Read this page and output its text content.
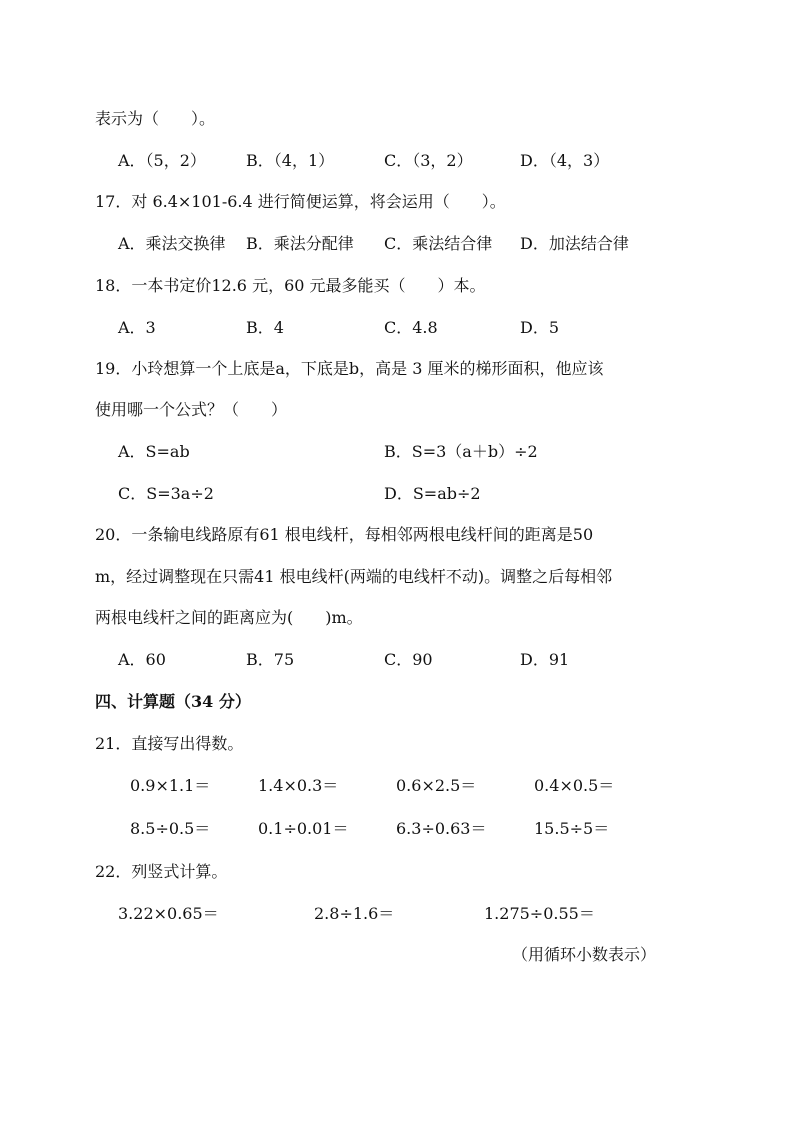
表示为（　　）。
A．（5，2）	B．（4，1）	C．（3，2）	D．（4，3）
17．对 6.4×101-6.4 进行简便运算，将会运用（　　）。
A．乘法交换律 B．乘法分配律 C．乘法结合律 D．加法结合律
18．一本书定价12.6 元，60 元最多能买（　　）本。
A．3	B．4	C．4.8	D．5
19．小玲想算一个上底是a，下底是b，高是 3 厘米的梯形面积，他应该
使用哪一个公式？（　　）
A．S=ab	B．S=3（a＋b）÷2
C．S=3a÷2	D．S=ab÷2
20．一条输电线路原有61 根电线杆，每相邻两根电线杆间的距离是50
m，经过调整现在只需41 根电线杆(两端的电线杆不动)。调整之后每相邻
两根电线杆之间的距离应为(　　)m。
A．60	B．75	C．90	D．91
四、计算题（34 分）
21．直接写出得数。
0.9×1.1＝	1.4×0.3＝	0.6×2.5＝	0.4×0.5＝
8.5÷0.5＝	0.1÷0.01＝	6.3÷0.63＝	15.5÷5＝
22．列竖式计算。
3.22×0.65＝	2.8÷1.6＝	1.275÷0.55＝
（用循环小数表示）
